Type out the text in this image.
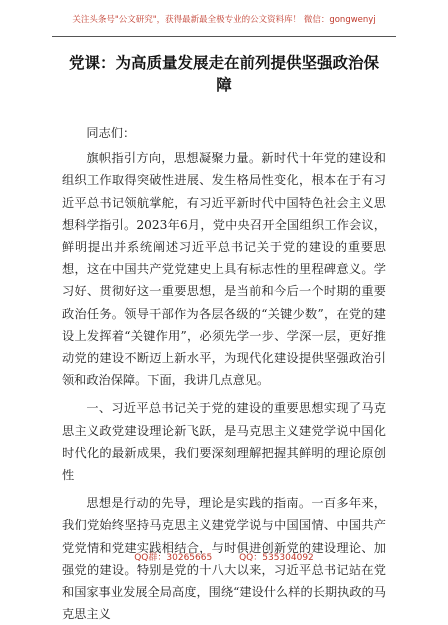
关注头条号"公文研究"，获得最新最全极专业的公文资料库！ 微信：gongwenyj
党课：为高质量发展走在前列提供坚强政治保障

同志们：

旗帜指引方向，思想凝聚力量。新时代十年党的建设和组织工作取得突破性进展、发生格局性变化，根本在于有习近平总书记领航掌舵，有习近平新时代中国特色社会主义思想科学指引。2023年6月，党中央召开全国组织工作会议，鲜明提出并系统阐述习近平总书记关于党的建设的重要思想，这在中国共产党党建史上具有标志性的里程碑意义。学习好、贯彻好这一重要思想，是当前和今后一个时期的重要政治任务。领导干部作为各层各级的“关键少数”，在党的建设上发挥着“关键作用”，必须先学一步、学深一层，更好推动党的建设不断迈上新水平，为现代化建设提供坚强政治引领和政治保障。下面，我讲几点意见。

一、习近平总书记关于党的建设的重要思想实现了马克思主义政党建设理论新飞跃，是马克思主义建党学说中国化时代化的最新成果，我们要深刻理解把握其鲜明的理论原创性

思想是行动的先导，理论是实践的指南。一百多年来，我们党始终坚持马克思主义建党学说与中国国情、中国共产党党情和党建实践相结合，与时俱进创新党的建设理论、加强党的建设。特别是党的十八大以来，习近平总书记站在党和国家事业发展全局高度，围绕“建设什么样的长期执政的马克思主义

QQ群：30265665	QQ：535304092
